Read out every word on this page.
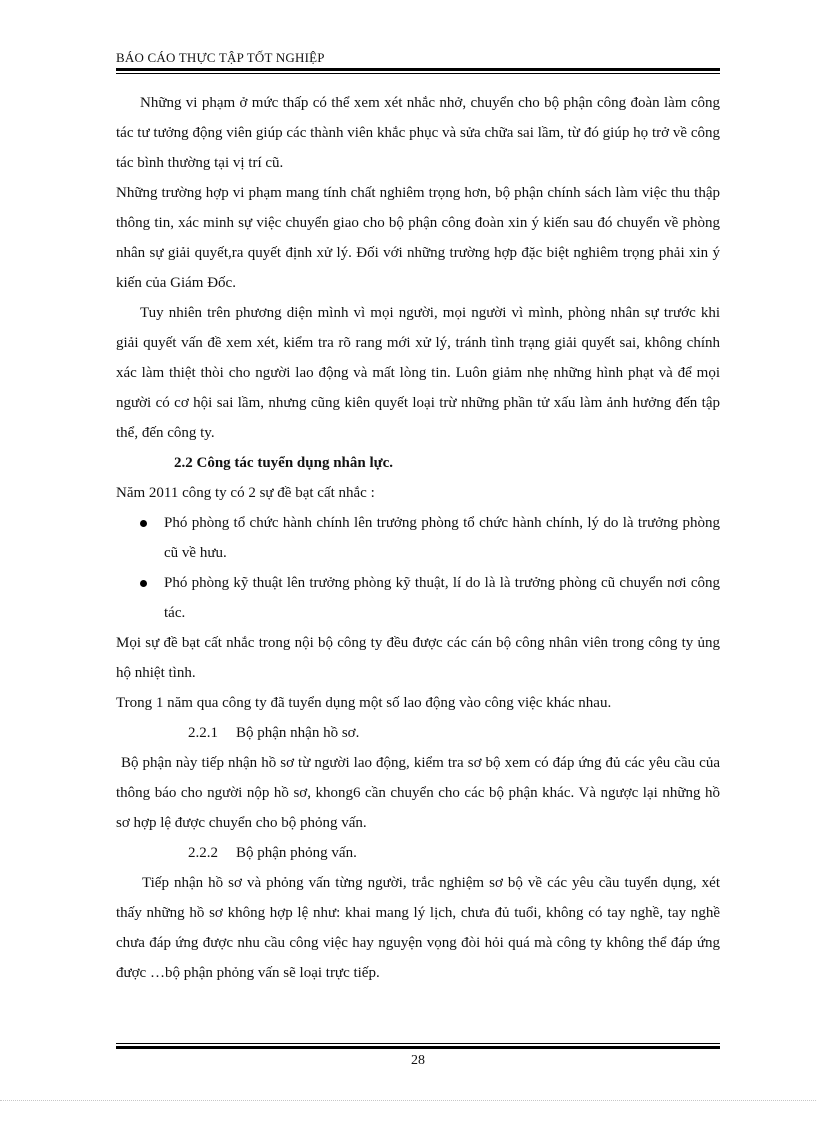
BÁO CÁO THỰC TẬP TỐT NGHIỆP

Những vi phạm ở mức thấp có thể xem xét nhắc nhở, chuyển cho bộ phận công đoàn làm công tác tư tưởng động viên giúp các thành viên khắc phục và sửa chữa sai lầm, từ đó giúp họ trở về công tác bình thường tại vị trí cũ.

Những trường hợp vi phạm mang tính chất nghiêm trọng hơn, bộ phận chính sách làm việc thu thập thông tin, xác minh sự việc chuyển giao cho bộ phận công đoàn xin ý kiến sau đó chuyển về phòng nhân sự giải quyết,ra quyết định xử lý. Đối với những trường hợp đặc biệt nghiêm trọng phải xin ý kiến của Giám Đốc.

Tuy nhiên trên phương diện mình vì mọi người, mọi người vì mình, phòng nhân sự trước khi giải quyết vấn đề xem xét, kiểm tra rõ rang mới xử lý, tránh tình trạng giải quyết sai, không chính xác làm thiệt thòi cho người lao động và mất lòng tin. Luôn giảm nhẹ những hình phạt và để mọi người có cơ hội sai lầm, nhưng cũng kiên quyết loại trừ những phần tử xấu làm ảnh hưởng đến tập thể, đến công ty.

2.2 Công tác tuyển dụng nhân lực.

Năm 2011 công ty có 2 sự đề bạt cất nhắc :

Phó phòng tổ chức hành chính lên trưởng phòng tổ chức hành chính, lý do là trưởng phòng cũ về hưu.
Phó phòng kỹ thuật lên trưởng phòng kỹ thuật, lí do là là trưởng phòng cũ chuyển nơi công tác.

Mọi sự đề bạt cất nhắc trong nội bộ công ty đều được các cán bộ công nhân viên trong công ty ủng hộ nhiệt tình.

Trong 1 năm qua công ty đã tuyển dụng một số lao động vào công việc khác nhau.

2.2.1 Bộ phận nhận hồ sơ.

Bộ phận này tiếp nhận hồ sơ từ người lao động, kiểm tra sơ bộ xem có đáp ứng đủ các yêu cầu của thông báo cho người nộp hồ sơ, khong6 cần chuyển cho các bộ phận khác. Và ngược lại những hồ sơ hợp lệ được chuyển cho bộ phỏng vấn.

2.2.2 Bộ phận phỏng vấn.

Tiếp nhận hồ sơ và phỏng vấn từng người, trắc nghiệm sơ bộ về các yêu cầu tuyển dụng, xét thấy những hồ sơ không hợp lệ như: khai mang lý lịch, chưa đủ tuổi, không có tay nghề, tay nghề chưa đáp ứng được nhu cầu công việc hay nguyện vọng đòi hỏi quá mà công ty không thể đáp ứng được …bộ phận phỏng vấn sẽ loại trực tiếp.

28
